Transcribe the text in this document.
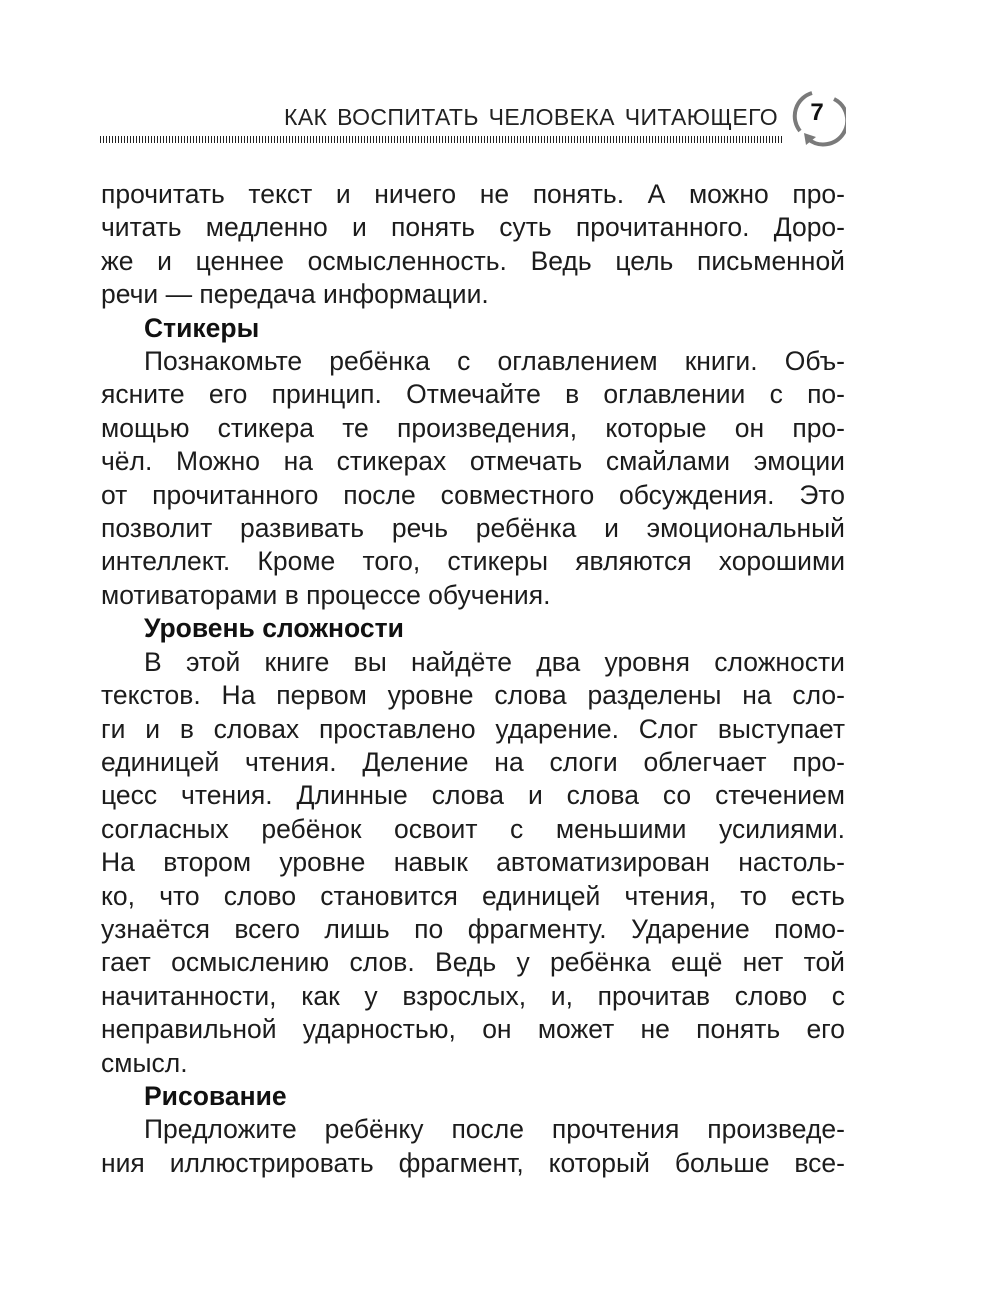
КАК ВОСПИТАТЬ ЧЕЛОВЕКА ЧИТАЮЩЕГО	7
прочитать текст и ничего не понять. А можно про-
читать медленно и понять суть прочитанного. Доро-
же и ценнее осмысленность. Ведь цель письменной
речи — передача информации.
Стикеры
Познакомьте ребёнка с оглавлением книги. Объ-
ясните его принцип. Отмечайте в оглавлении с по-
мощью стикера те произведения, которые он про-
чёл. Можно на стикерах отмечать смайлами эмоции
от прочитанного после совместного обсуждения. Это
позволит развивать речь ребёнка и эмоциональный
интеллект. Кроме того, стикеры являются хорошими
мотиваторами в процессе обучения.
Уровень сложности
В этой книге вы найдёте два уровня сложности
текстов. На первом уровне слова разделены на сло-
ги и в словах проставлено ударение. Слог выступает
единицей чтения. Деление на слоги облегчает про-
цесс чтения. Длинные слова и слова со стечением
согласных ребёнок освоит с меньшими усилиями.
На втором уровне навык автоматизирован настоль-
ко, что слово становится единицей чтения, то есть
узнаётся всего лишь по фрагменту. Ударение помо-
гает осмыслению слов. Ведь у ребёнка ещё нет той
начитанности, как у взрослых, и, прочитав слово с
неправильной ударностью, он может не понять его
смысл.
Рисование
Предложите ребёнку после прочтения произведе-
ния иллюстрировать фрагмент, который больше все-
